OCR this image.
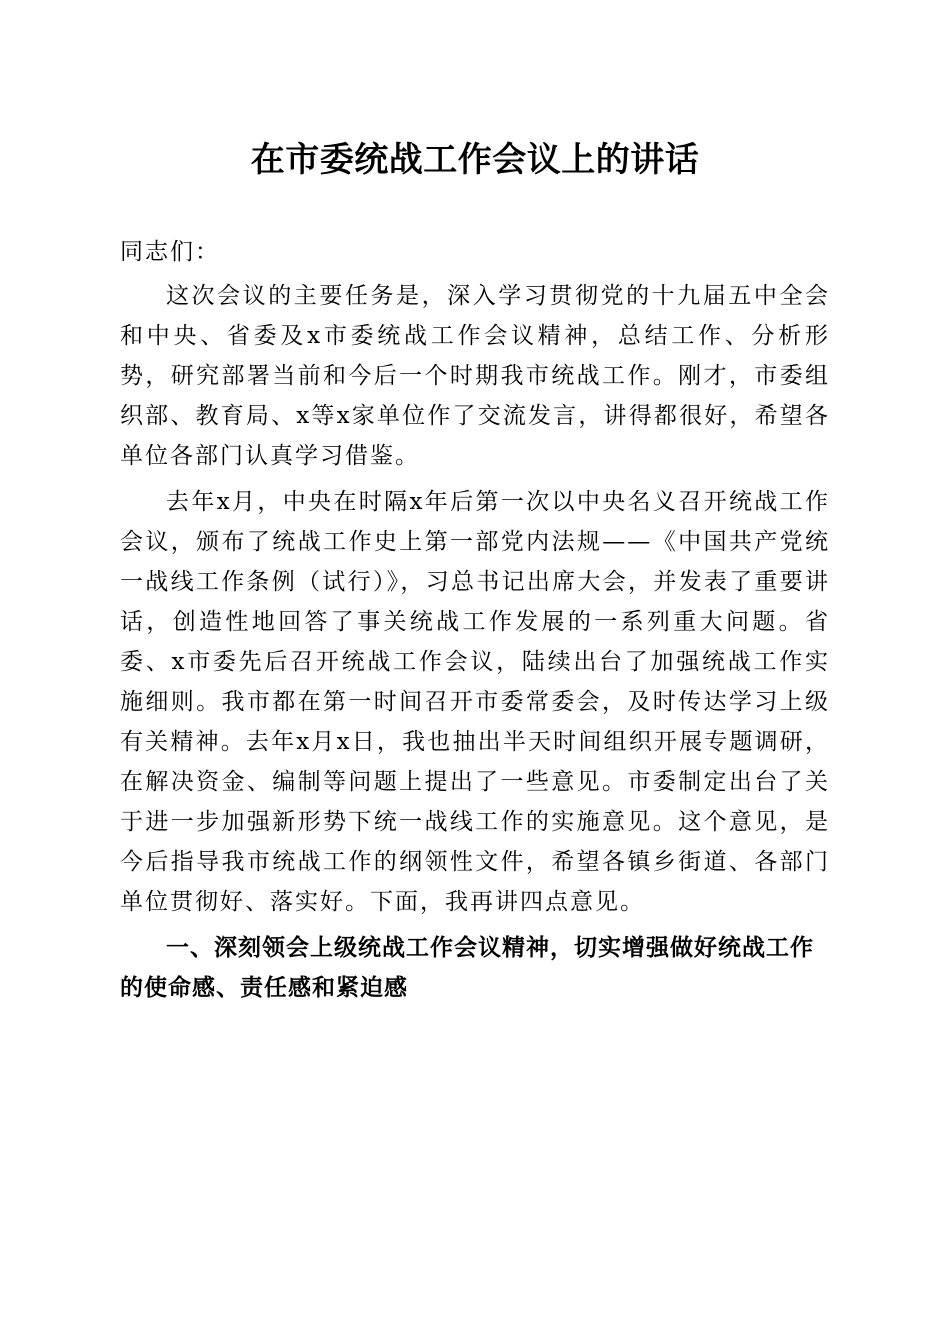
在市委统战工作会议上的讲话

同志们：

这次会议的主要任务是，深入学习贯彻党的十九届五中全会和中央、省委及x市委统战工作会议精神，总结工作、分析形势，研究部署当前和今后一个时期我市统战工作。刚才，市委组织部、教育局、x等x家单位作了交流发言，讲得都很好，希望各单位各部门认真学习借鉴。

去年x月，中央在时隔x年后第一次以中央名义召开统战工作会议，颁布了统战工作史上第一部党内法规——《中国共产党统一战线工作条例（试行）》，习总书记出席大会，并发表了重要讲话，创造性地回答了事关统战工作发展的一系列重大问题。省委、x市委先后召开统战工作会议，陆续出台了加强统战工作实施细则。我市都在第一时间召开市委常委会，及时传达学习上级有关精神。去年x月x日，我也抽出半天时间组织开展专题调研，在解决资金、编制等问题上提出了一些意见。市委制定出台了关于进一步加强新形势下统一战线工作的实施意见。这个意见，是今后指导我市统战工作的纲领性文件，希望各镇乡街道、各部门单位贯彻好、落实好。下面，我再讲四点意见。

一、深刻领会上级统战工作会议精神，切实增强做好统战工作的使命感、责任感和紧迫感
